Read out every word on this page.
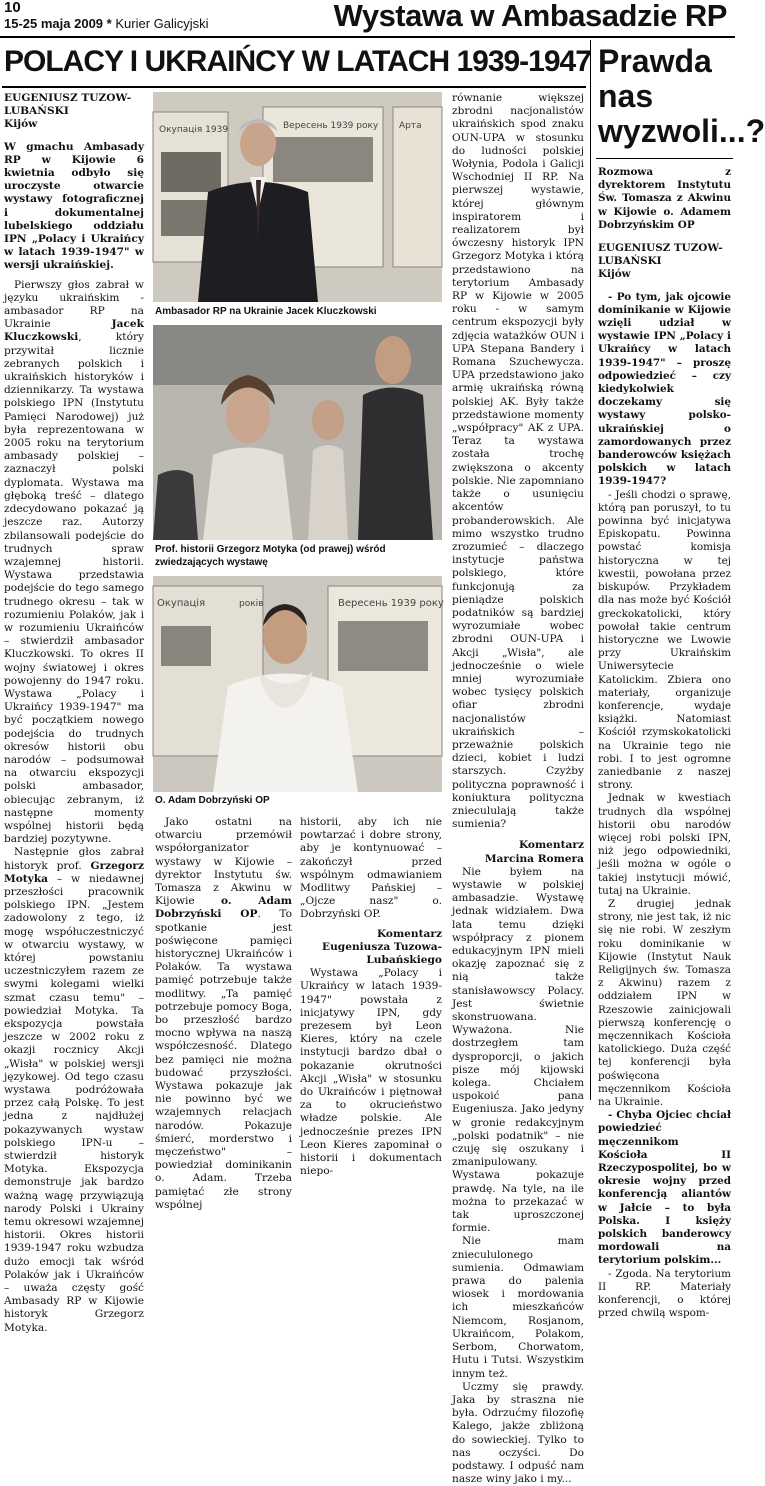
10
15-25 maja 2009 * Kurier Galicyjski	Wystawa w Ambasadzie RP
POLACY I UKRAIŃCY W LATACH 1939-1947

EUGENIUSZ TUZOW-

LUBAŃSKI

Kijów

W gmachu Ambasady RP w Kijowie 6 kwietnia odbyło się uroczyste otwarcie wystawy fotograficznej i dokumentalnej lubelskiego oddziału IPN „Polacy i Ukraińcy w latach 1939-1947" w wersji ukraińskiej.

Pierwszy głos zabrał w języku ukraińskim - ambasador RP na Ukrainie Jacek Kluczkowski, który przywitał licznie zebranych polskich i ukraińskich historyków i dziennikarzy. Ta wystawa polskiego IPN (Instytutu Pamięci Narodowej) już była reprezentowana w 2005 roku na terytorium ambasady polskiej – zaznaczył polski dyplomata. Wystawa ma głęboką treść – dlatego zdecydowano pokazać ją jeszcze raz. Autorzy zbilansowali podejście do trudnych spraw wzajemnej historii. Wystawa przedstawia podejście do tego samego trudnego okresu – tak w rozumieniu Polaków, jak i w rozumieniu Ukraińców – stwierdził ambasador Kluczkowski. To okres II wojny światowej i okres powojenny do 1947 roku. Wystawa „Polacy i Ukraińcy 1939-1947" ma być początkiem nowego podejścia do trudnych okresów historii obu narodów – podsumował na otwarciu ekspozycji polski ambasador, obiecując zebranym, iż następne momenty wspólnej historii będą bardziej pozytywne.

Następnie głos zabrał historyk prof. Grzegorz Motyka – w niedawnej przeszłości pracownik polskiego IPN. „Jestem zadowolony z tego, iż mogę współuczestniczyć w otwarciu wystawy, w której powstaniu uczestniczyłem razem ze swymi kolegami wielki szmat czasu temu" – powiedział Motyka. Ta ekspozycja powstała jeszcze w 2002 roku z okazji rocznicy Akcji „Wisła" w polskiej wersji językowej. Od tego czasu wystawa podróżowała przez całą Polskę. To jest jedna z najdłużej pokazywanych wystaw polskiego IPN-u – stwierdził historyk Motyka. Ekspozycja demonstruje jak bardzo ważną wagę przywiązują narody Polski i Ukrainy temu okresowi wzajemnej historii. Okres historii 1939-1947 roku wzbudza dużo emocji tak wśród Polaków jak i Ukraińców – uważa częsty gość Ambasady RP w Kijowie historyk Grzegorz Motyka.

Окупація 1939	Вересень 1939 року Арта
Ambasador RP na Ukrainie Jacek Kluczkowski
Prof. historii Grzegorz Motyka (od prawej) wśród zwiedzających wystawę
Окупація	років	Вересень 1939 року
O. Adam Dobrzyński OP

Jako ostatni na otwarciu przemówił współorganizator wystawy w Kijowie – dyrektor Instytutu św. Tomasza z Akwinu w Kijowie o. Adam Dobrzyński OP. To spotkanie jest poświęcone pamięci historycznej Ukraińców i Polaków. Ta wystawa pamięć potrzebuje także modlitwy. „Ta pamięć potrzebuje pomocy Boga, bo przeszłość bardzo mocno wpływa na naszą współczesność. Dlatego bez pamięci nie można budować przyszłości. Wystawa pokazuje jak nie powinno być we wzajemnych relacjach narodów. Pokazuje śmierć, morderstwo i męczeństwo" – powiedział dominikanin o. Adam. Trzeba pamiętać złe strony wspólnej

historii, aby ich nie powtarzać i dobre strony, aby je kontynuować – zakończył przed wspólnym odmawianiem Modlitwy Pańskiej – „Ojcze nasz" o. Dobrzyński OP.

Komentarz

Eugeniusza Tuzowa-Lubańskiego

Wystawa „Polacy i Ukraińcy w latach 1939-1947" powstała z inicjatywy IPN, gdy prezesem był Leon Kieres, który na czele instytucji bardzo dbał o pokazanie okrutności Akcji „Wisła" w stosunku do Ukraińców i piętnował za to okrucieństwo władze polskie. Ale jednocześnie prezes IPN Leon Kieres zapominał o historii i dokumentach niepo-

równanie większej zbrodni nacjonalistów ukraińskich spod znaku OUN-UPA w stosunku do ludności polskiej Wołynia, Podola i Galicji Wschodniej II RP. Na pierwszej wystawie, której głównym inspiratorem i realizatorem był ówczesny historyk IPN Grzegorz Motyka i którą przedstawiono na terytorium Ambasady RP w Kijowie w 2005 roku - w samym centrum ekspozycji były zdjęcia watażków OUN i UPA Stepana Bandery i Romana Szuchewycza. UPA przedstawiono jako armię ukraińską równą polskiej AK. Były także przedstawione momenty „współpracy" AK z UPA. Teraz ta wystawa została trochę zwiększona o akcenty polskie. Nie zapomniano także o usunięciu akcentów probanderowskich. Ale mimo wszystko trudno zrozumieć – dlaczego instytucje państwa polskiego, które funkcjonują za pieniądze polskich podatników są bardziej wyrozumiałe wobec zbrodni OUN-UPA i Akcji „Wisła", ale jednocześnie o wiele mniej wyrozumiałe wobec tysięcy polskich ofiar zbrodni nacjonalistów ukraińskich – przeważnie polskich dzieci, kobiet i ludzi starszych. Czyżby polityczna poprawność i koniuktura polityczna zniecululają także sumienia?

Komentarz

Marcina Romera

Nie byłem na wystawie w polskiej ambasadzie. Wystawę jednak widziałem. Dwa lata temu dzięki współpracy z pionem edukacyjnym IPN mieli okazję zapoznać się z nią także stanisławowscy Polacy. Jest świetnie skonstruowana. Wyważona. Nie dostrzegłem tam dysproporcji, o jakich pisze mój kijowski kolega. Chciałem uspokoić pana Eugeniusza. Jako jedyny w gronie redakcyjnym „polski podatnik" – nie czuję się oszukany i zmanipulowany. Wystawa pokazuje prawdę. Na tyle, na ile można to przekazać w tak uproszczonej formie.

Nie mam zniecululonego sumienia. Odmawiam prawa do palenia wiosek i mordowania ich mieszkańców Niemcom, Rosjanom, Ukraińcom, Polakom, Serbom, Chorwatom, Hutu i Tutsi. Wszystkim innym też.

Uczmy się prawdy. Jaka by straszna nie była. Odrzućmy filozofię Kalego, jakże zbliżoną do sowieckiej. Tylko to nas oczyści. Do podstawy. I odpuść nam nasze winy jako i my...

Prawda
nas
wyzwoli...?

Rozmowa z dyrektorem Instytutu Św. Tomasza z Akwinu w Kijowie o. Adamem Dobrzyńskim OP

EUGENIUSZ TUZOW-

LUBAŃSKI

Kijów

- Po tym, jak ojcowie dominikanie w Kijowie wzięli udział w wystawie IPN „Polacy i Ukraińcy w latach 1939-1947" – proszę odpowiedzieć – czy kiedykolwiek doczekamy się wystawy polsko-ukraińskiej o zamordowanych przez banderowców księżach polskich w latach 1939-1947?

- Jeśli chodzi o sprawę, którą pan poruszył, to tu powinna być inicjatywa Episkopatu. Powinna powstać komisja historyczna w tej kwestii, powołana przez biskupów. Przykładem dla nas może być Kościół greckokatolicki, który powołał takie centrum historyczne we Lwowie przy Ukraińskim Uniwersytecie Katolickim. Zbiera ono materiały, organizuje konferencje, wydaje książki. Natomiast Kościół rzymskokatolicki na Ukrainie tego nie robi. I to jest ogromne zaniedbanie z naszej strony.

Jednak w kwestiach trudnych dla wspólnej historii obu narodów więcej robi polski IPN, niż jego odpowiedniki, jeśli można w ogóle o takiej instytucji mówić, tutaj na Ukrainie.

Z drugiej jednak strony, nie jest tak, iż nic się nie robi. W zeszłym roku dominikanie w Kijowie (Instytut Nauk Religijnych św. Tomasza z Akwinu) razem z oddziałem IPN w Rzeszowie zainicjowali pierwszą konferencję o męczennikach Kościoła katolickiego. Duża część tej konferencji była poświęcona męczennikom Kościoła na Ukrainie.

- Chyba Ojciec chciał powiedzieć męczennikom Kościoła II Rzeczypospolitej, bo w okresie wojny przed konferencją aliantów w Jałcie – to była Polska. I księży polskich banderowcy mordowali na terytorium polskim...

- Zgoda. Na terytorium II RP. Materiały konferencji, o której przed chwilą wspom-
